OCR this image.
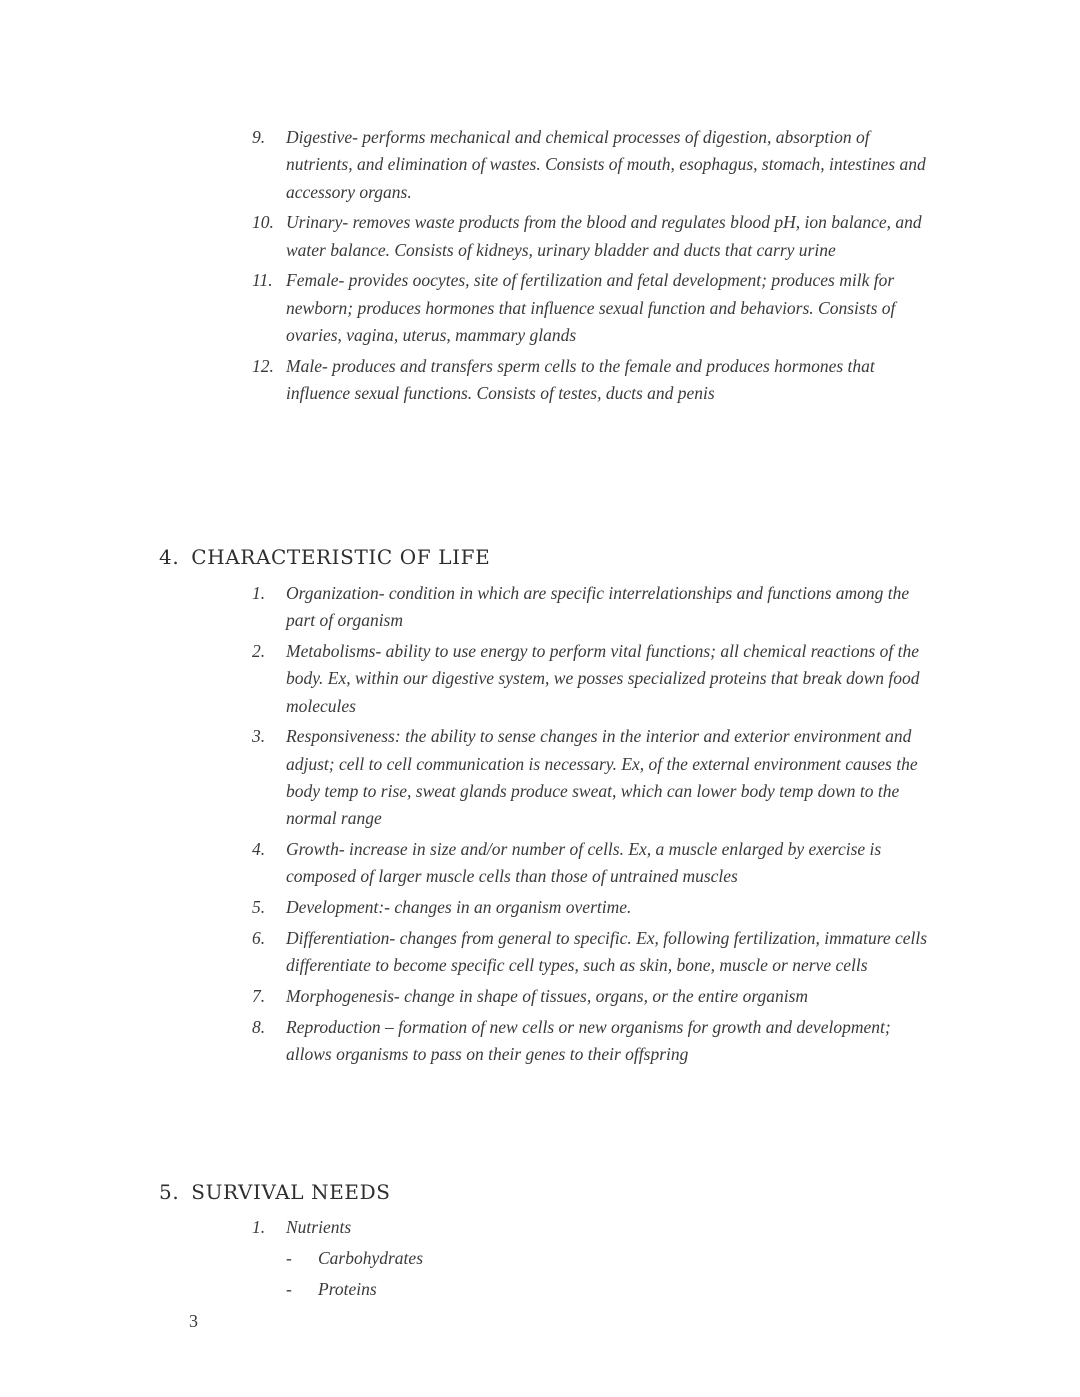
9. Digestive- performs mechanical and chemical processes of digestion, absorption of nutrients, and elimination of wastes. Consists of mouth, esophagus, stomach, intestines and accessory organs.
10. Urinary- removes waste products from the blood and regulates blood pH, ion balance, and water balance. Consists of kidneys, urinary bladder and ducts that carry urine
11. Female- provides oocytes, site of fertilization and fetal development; produces milk for newborn; produces hormones that influence sexual function and behaviors. Consists of ovaries, vagina, uterus, mammary glands
12. Male- produces and transfers sperm cells to the female and produces hormones that influence sexual functions. Consists of testes, ducts and penis
4. CHARACTERISTIC OF LIFE
1. Organization- condition in which are specific interrelationships and functions among the part of organism
2. Metabolisms- ability to use energy to perform vital functions; all chemical reactions of the body. Ex, within our digestive system, we posses specialized proteins that break down food molecules
3. Responsiveness: the ability to sense changes in the interior and exterior environment and adjust; cell to cell communication is necessary. Ex, of the external environment causes the body temp to rise, sweat glands produce sweat, which can lower body temp down to the normal range
4. Growth- increase in size and/or number of cells. Ex, a muscle enlarged by exercise is composed of larger muscle cells than those of untrained muscles
5. Development:- changes in an organism overtime.
6. Differentiation- changes from general to specific. Ex, following fertilization, immature cells differentiate to become specific cell types, such as skin, bone, muscle or nerve cells
7. Morphogenesis- change in shape of tissues, organs, or the entire organism
8. Reproduction – formation of new cells or new organisms for growth and development; allows organisms to pass on their genes to their offspring
5. SURVIVAL NEEDS
1. Nutrients
- Carbohydrates
- Proteins
3
